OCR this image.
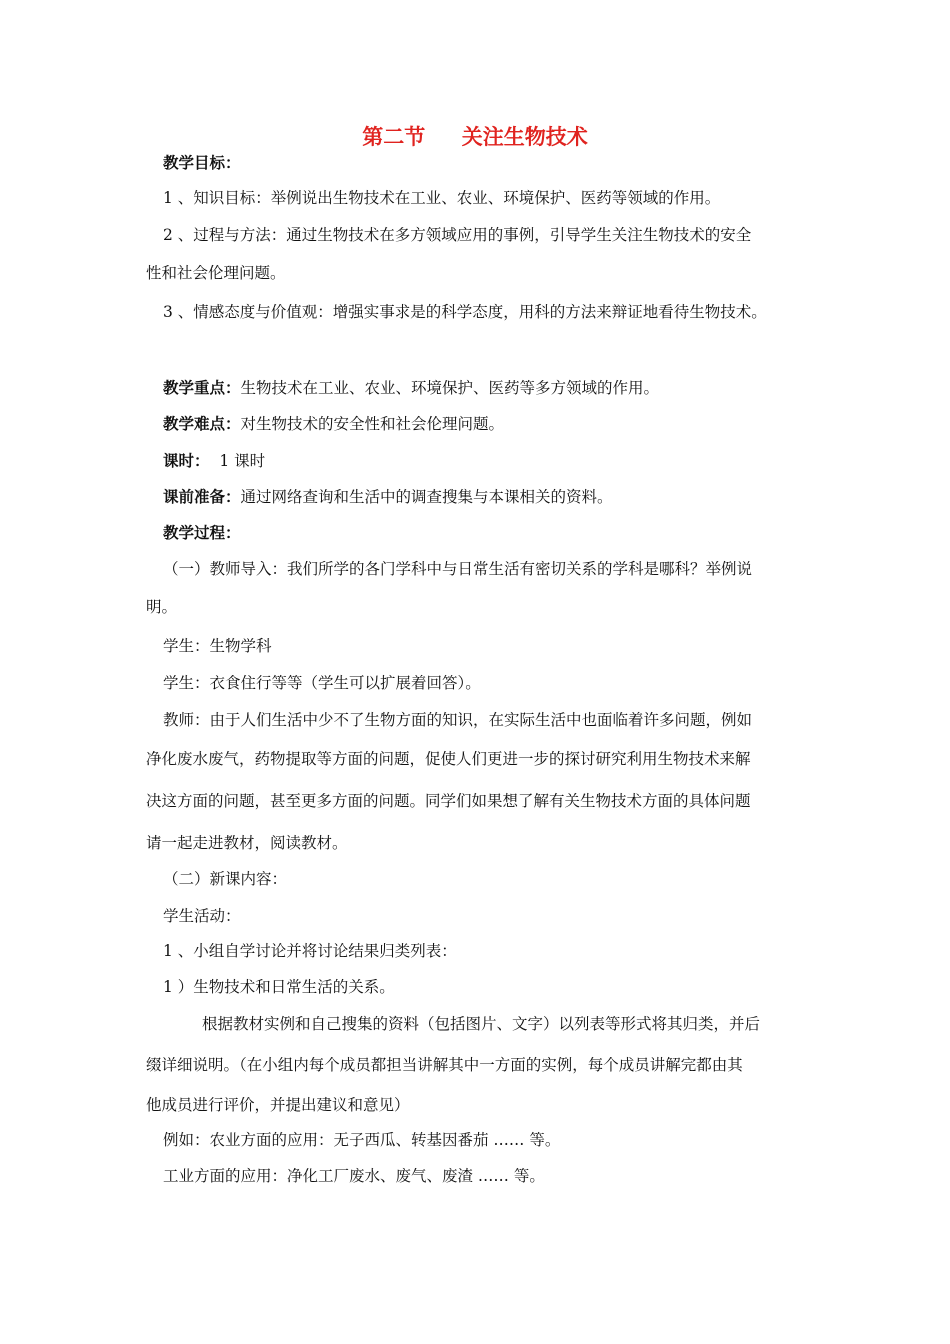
第二节     关注生物技术
教学目标：
1 、知识目标：举例说出生物技术在工业、农业、环境保护、医药等领域的作用。
2 、过程与方法：通过生物技术在多方领域应用的事例，引导学生关注生物技术的安全
性和社会伦理问题。
3 、情感态度与价值观：增强实事求是的科学态度，用科的方法来辩证地看待生物技术。
教学重点：生物技术在工业、农业、环境保护、医药等多方领域的作用。
教学难点：对生物技术的安全性和社会伦理问题。
课时：  1 课时
课前准备：通过网络查询和生活中的调查搜集与本课相关的资料。
教学过程：
（一）教师导入：我们所学的各门学科中与日常生活有密切关系的学科是哪科？举例说
明。
学生：生物学科
学生：衣食住行等等（学生可以扩展着回答）。
教师：由于人们生活中少不了生物方面的知识，在实际生活中也面临着许多问题，例如
净化废水废气，药物提取等方面的问题，促使人们更进一步的探讨研究利用生物技术来解
决这方面的问题，甚至更多方面的问题。同学们如果想了解有关生物技术方面的具体问题
请一起走进教材，阅读教材。
（二）新课内容：
学生活动：
1 、小组自学讨论并将讨论结果归类列表：
1 ）生物技术和日常生活的关系。
根据教材实例和自己搜集的资料（包括图片、文字）以列表等形式将其归类，并后
缀详细说明。（在小组内每个成员都担当讲解其中一方面的实例，每个成员讲解完都由其
他成员进行评价，并提出建议和意见）
例如：农业方面的应用：无子西瓜、转基因番茄 …… 等。
工业方面的应用：净化工厂废水、废气、废渣 …… 等。
